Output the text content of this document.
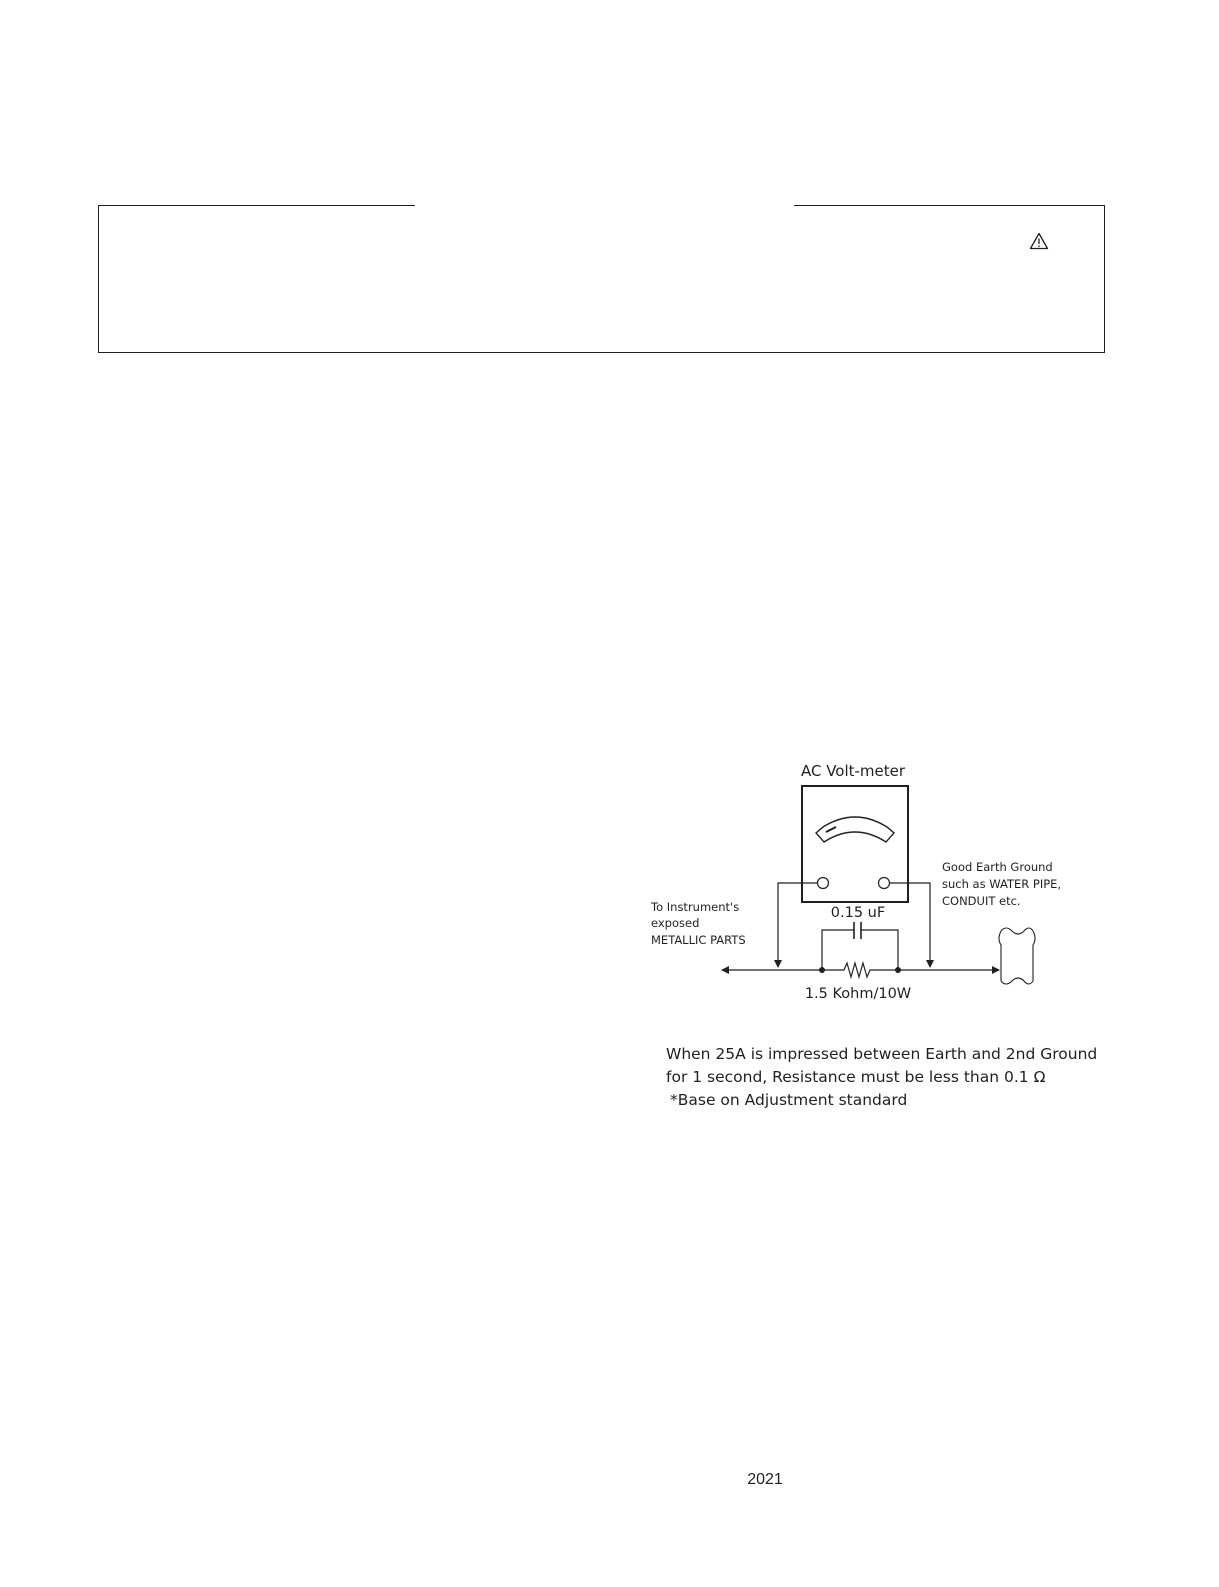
AC Volt-meter
0.15 uF
1.5 Kohm/10W
To Instrument's
exposed
METALLIC PARTS
Good Earth Ground
such as WATER PIPE,
CONDUIT etc.
When 25A is impressed between Earth and 2nd Ground
for 1 second, Resistance must be less than 0.1 Ω
*Base on Adjustment standard
2021
